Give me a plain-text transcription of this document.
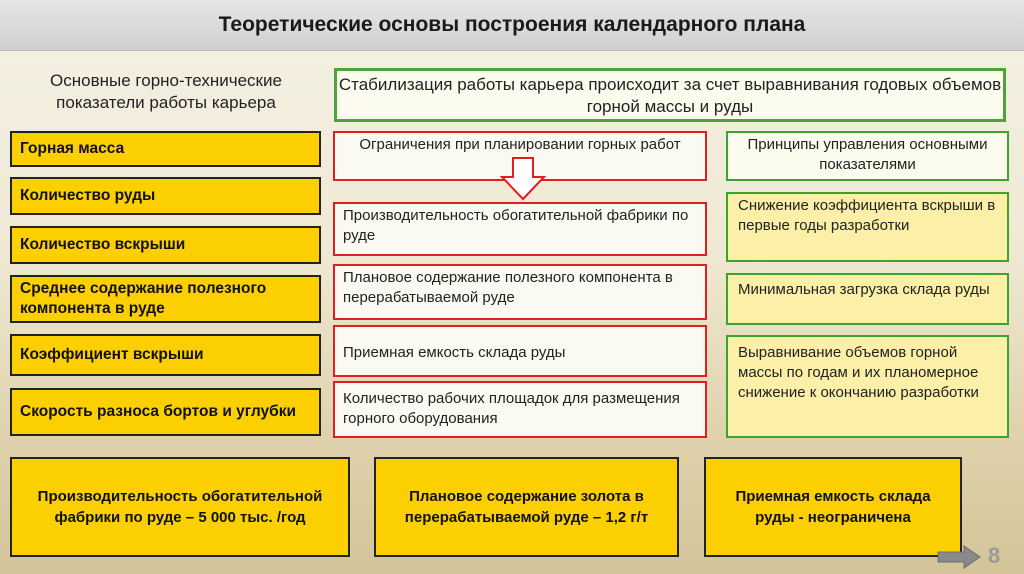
Теоретические основы построения календарного плана
Основные горно-технические показатели работы карьера
Стабилизация работы карьера происходит за счет выравнивания годовых объемов горной массы и руды
Горная масса
Количество руды
Количество вскрыши
Среднее содержание полезного компонента в руде
Коэффициент вскрыши
Скорость разноса бортов и углубки
Ограничения при планировании горных работ
Производительность обогатительной фабрики по руде
Плановое содержание полезного компонента в перерабатываемой руде
Приемная емкость склада руды
Количество рабочих площадок для размещения горного оборудования
Принципы управления основными показателями
Снижение коэффициента вскрыши в первые годы разработки
Минимальная загрузка склада руды
Выравнивание объемов горной массы по годам и их планомерное снижение к окончанию разработки
Производительность обогатительной фабрики по руде – 5 000 тыс. /год
Плановое содержание золота в перерабатываемой руде – 1,2 г/т
Приемная емкость склада руды - неограничена
8
